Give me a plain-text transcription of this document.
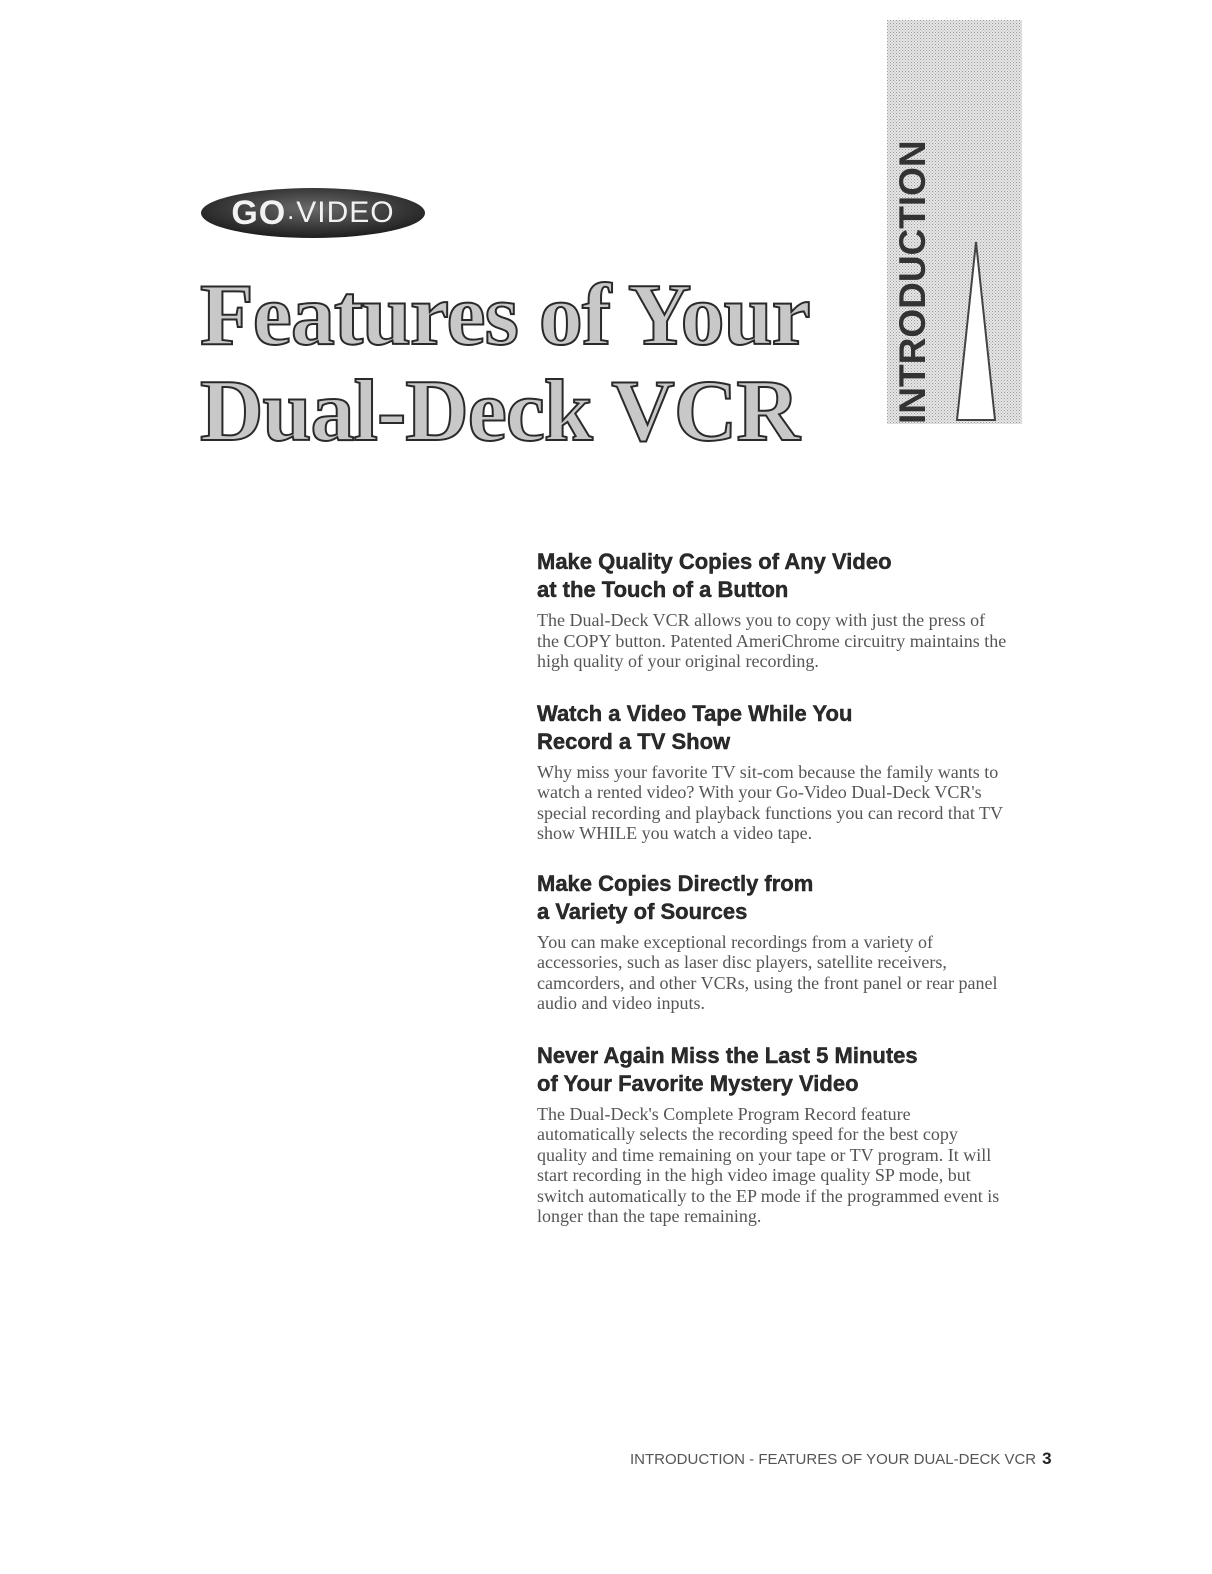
GO . VIDEO
Features of Your
Dual-Deck VCR	INTRODUCTION
Make Quality Copies of Any Video
at the Touch of a Button

The Dual-Deck VCR allows you to copy with just the press of the COPY button. Patented AmeriChrome circuitry maintains the high quality of your original recording.

Watch a Video Tape While You
Record a TV Show

Why miss your favorite TV sit-com because the family wants to watch a rented video? With your Go-Video Dual-Deck VCR's special recording and playback functions you can record that TV show WHILE you watch a video tape.

Make Copies Directly from
a Variety of Sources

You can make exceptional recordings from a variety of accessories, such as laser disc players, satellite receivers, camcorders, and other VCRs, using the front panel or rear panel audio and video inputs.

Never Again Miss the Last 5 Minutes
of Your Favorite Mystery Video

The Dual-Deck's Complete Program Record feature automatically selects the recording speed for the best copy quality and time remaining on your tape or TV program. It will start recording in the high video image quality SP mode, but switch automatically to the EP mode if the programmed event is longer than the tape remaining.

INTRODUCTION - FEATURES OF YOUR DUAL-DECK VCR 3
